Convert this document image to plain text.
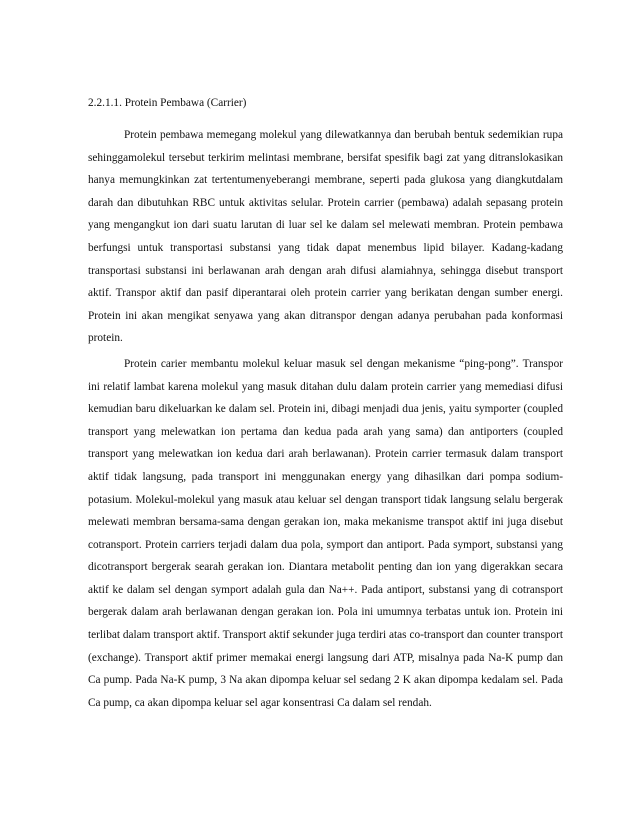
2.2.1.1. Protein Pembawa (Carrier)

Protein pembawa memegang molekul yang dilewatkannya dan berubah bentuk sedemikian rupa sehinggamolekul tersebut terkirim melintasi membrane, bersifat spesifik bagi zat yang ditranslokasikan hanya memungkinkan zat tertentumenyeberangi membrane, seperti pada glukosa yang diangkutdalam darah dan dibutuhkan RBC untuk aktivitas selular. Protein carrier (pembawa) adalah sepasang protein yang mengangkut ion dari suatu larutan di luar sel ke dalam sel melewati membran. Protein pembawa berfungsi untuk transportasi substansi yang tidak dapat menembus lipid bilayer. Kadang-kadang transportasi substansi ini berlawanan arah dengan arah difusi alamiahnya, sehingga disebut transport aktif. Transpor aktif dan pasif diperantarai oleh protein carrier yang berikatan dengan sumber energi. Protein ini akan mengikat senyawa yang akan ditranspor dengan adanya perubahan pada konformasi protein.

Protein carier membantu molekul keluar masuk sel dengan mekanisme “ping-pong”. Transpor ini relatif lambat karena molekul yang masuk ditahan dulu dalam protein carrier yang memediasi difusi kemudian baru dikeluarkan ke dalam sel. Protein ini, dibagi menjadi dua jenis, yaitu symporter (coupled transport yang melewatkan ion pertama dan kedua pada arah yang sama) dan antiporters (coupled transport yang melewatkan ion kedua dari arah berlawanan). Protein carrier termasuk dalam transport aktif tidak langsung, pada transport ini menggunakan energy yang dihasilkan dari pompa sodium-potasium. Molekul-molekul yang masuk atau keluar sel dengan transport tidak langsung selalu bergerak melewati membran bersama-sama dengan gerakan ion, maka mekanisme transpot aktif ini juga disebut cotransport. Protein carriers terjadi dalam dua pola, symport dan antiport. Pada symport, substansi yang dicotransport bergerak searah gerakan ion. Diantara metabolit penting dan ion yang digerakkan secara aktif ke dalam sel dengan symport adalah gula dan Na++. Pada antiport, substansi yang di cotransport bergerak dalam arah berlawanan dengan gerakan ion. Pola ini umumnya terbatas untuk ion. Protein ini terlibat dalam transport aktif. Transport aktif sekunder juga terdiri atas co-transport dan counter transport (exchange). Transport aktif primer memakai energi langsung dari ATP, misalnya pada Na-K pump dan Ca pump. Pada Na-K pump, 3 Na akan dipompa keluar sel sedang 2 K akan dipompa kedalam sel. Pada Ca pump, ca akan dipompa keluar sel agar konsentrasi Ca dalam sel rendah.
